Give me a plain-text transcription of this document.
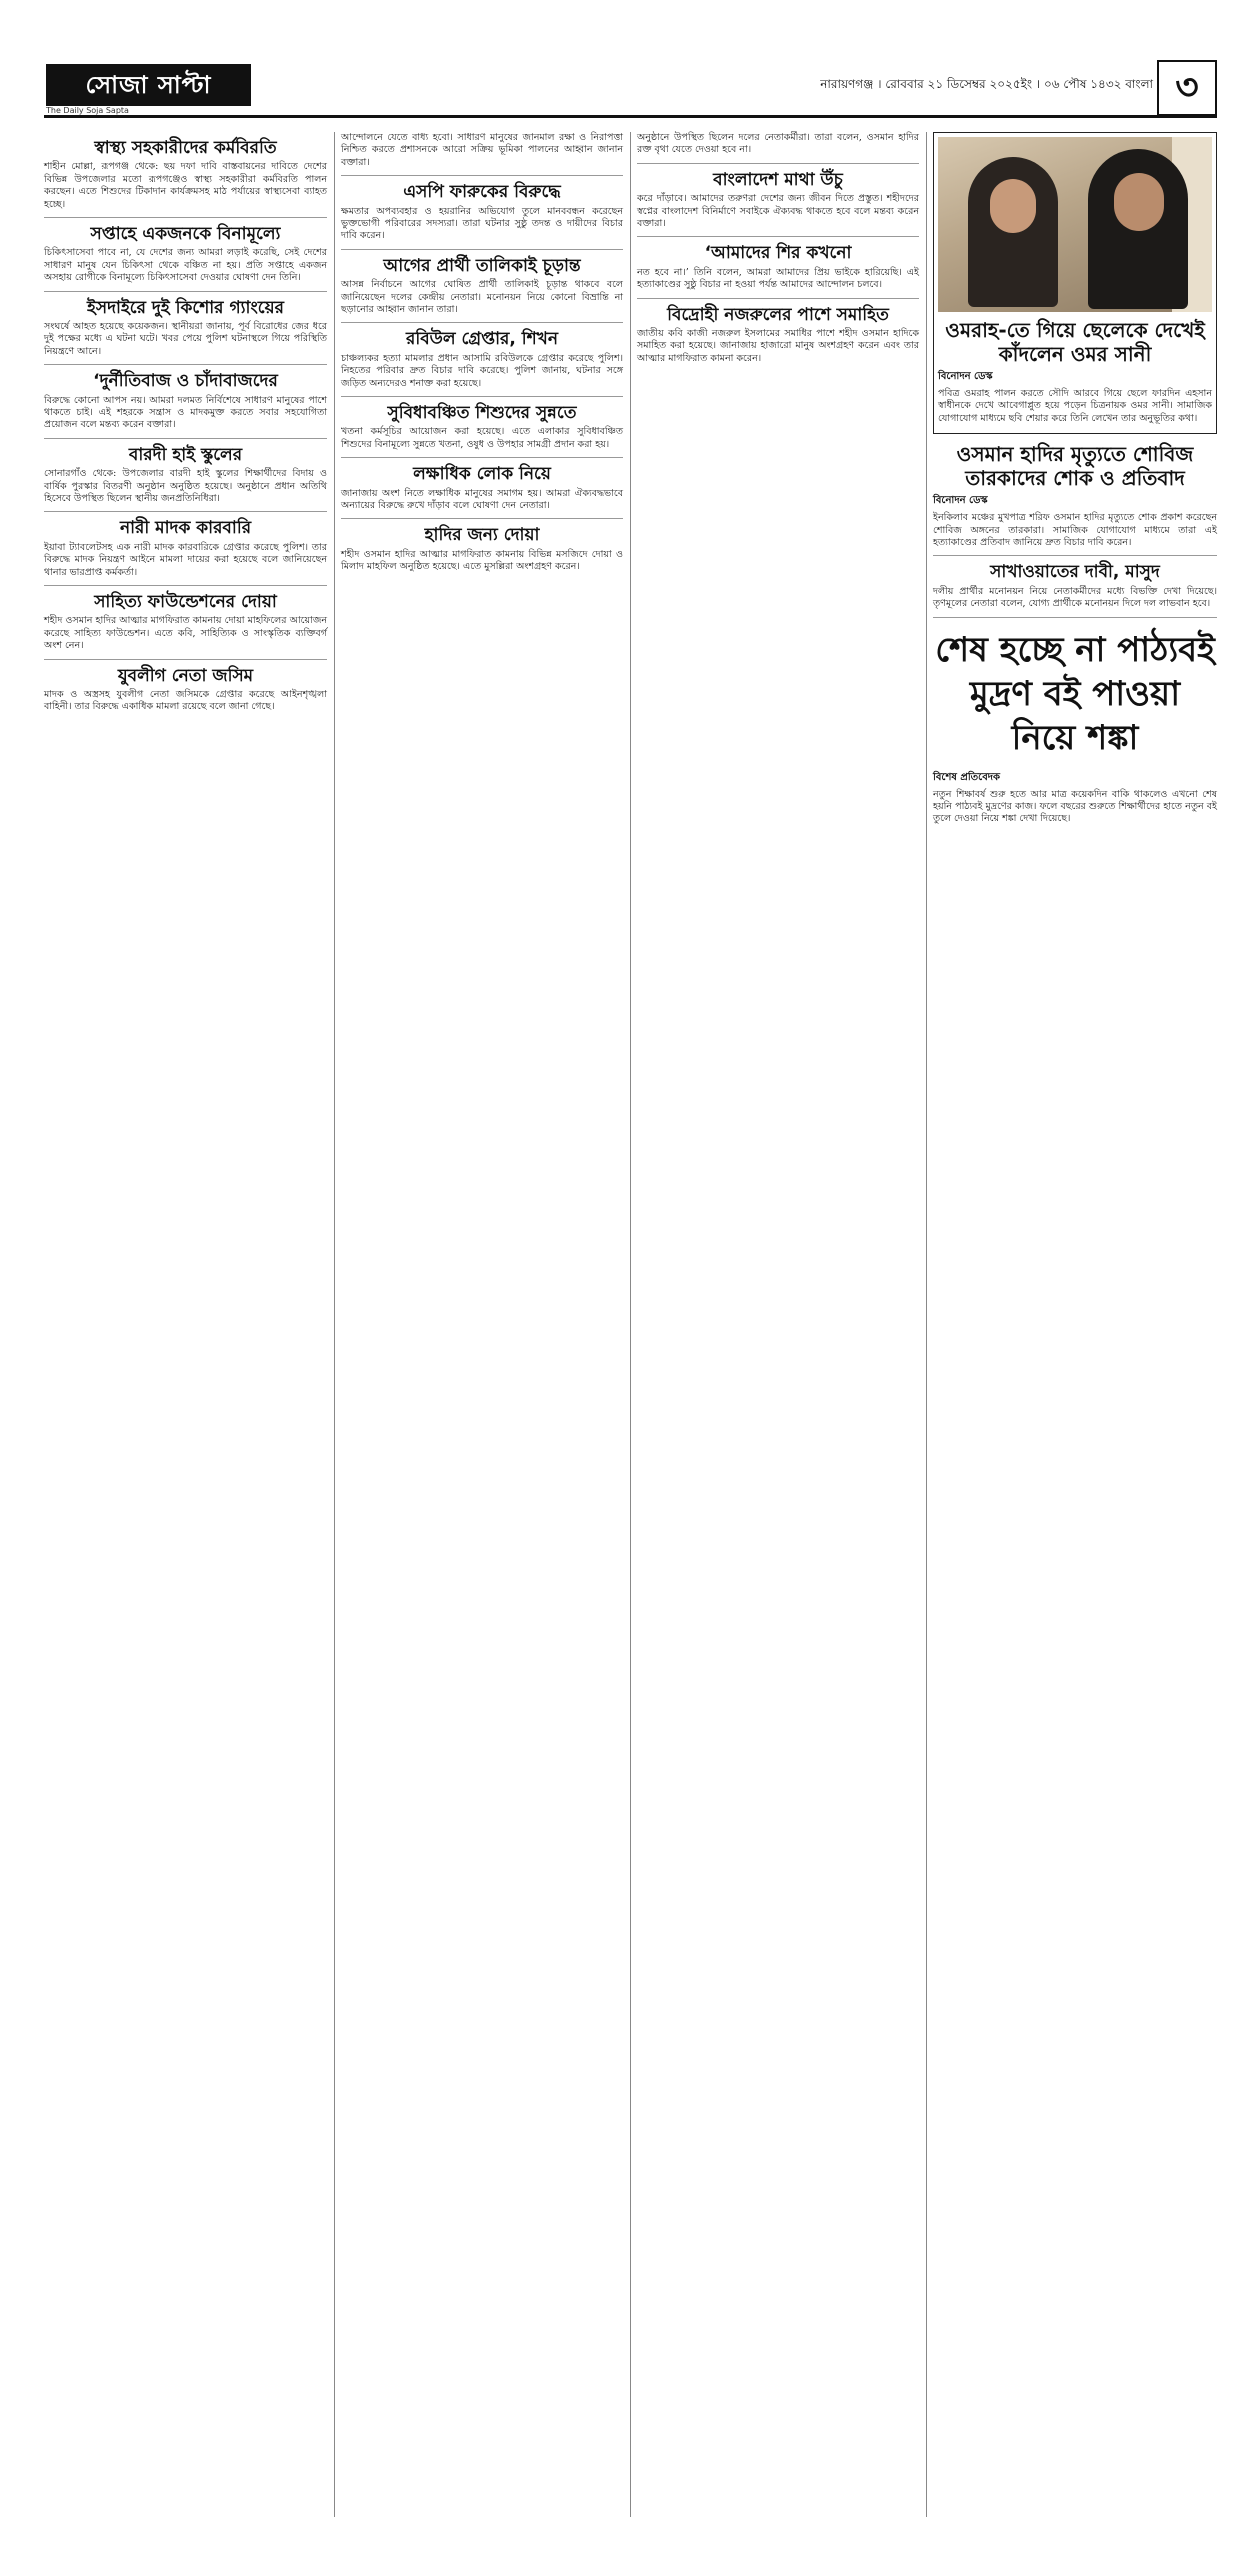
সোজা সাপ্টা
The Daily Soja Sapta
নারায়ণগঞ্জ । রোববার ২১ ডিসেম্বর ২০২৫ইং । ০৬ পৌষ ১৪৩২ বাংলা ৩
স্বাস্থ্য সহকারীদের কর্মবিরতি

শাহীন মোল্লা, রূপগঞ্জ থেকে: ছয় দফা দাবি বাস্তবায়নের দাবিতে দেশের বিভিন্ন উপজেলার মতো রূপগঞ্জেও স্বাস্থ্য সহকারীরা কর্মবিরতি পালন করছেন। এতে শিশুদের টিকাদান কার্যক্রমসহ মাঠ পর্যায়ের স্বাস্থ্যসেবা ব্যাহত হচ্ছে।

সপ্তাহে একজনকে বিনামূল্যে

চিকিৎসাসেবা পাবে না, যে দেশের জন্য আমরা লড়াই করেছি, সেই দেশের সাধারণ মানুষ যেন চিকিৎসা থেকে বঞ্চিত না হয়। প্রতি সপ্তাহে একজন অসহায় রোগীকে বিনামূল্যে চিকিৎসাসেবা দেওয়ার ঘোষণা দেন তিনি।

ইসদাইরে দুই কিশোর গ্যাংয়ের

সংঘর্ষে আহত হয়েছে কয়েকজন। স্থানীয়রা জানায়, পূর্ব বিরোধের জের ধরে দুই পক্ষের মধ্যে এ ঘটনা ঘটে। খবর পেয়ে পুলিশ ঘটনাস্থলে গিয়ে পরিস্থিতি নিয়ন্ত্রণে আনে।

‘দুর্নীতিবাজ ও চাঁদাবাজদের

বিরুদ্ধে কোনো আপস নয়। আমরা দলমত নির্বিশেষে সাধারণ মানুষের পাশে থাকতে চাই। এই শহরকে সন্ত্রাস ও মাদকমুক্ত করতে সবার সহযোগিতা প্রয়োজন বলে মন্তব্য করেন বক্তারা।

বারদী হাই স্কুলের

সোনারগাঁও থেকে: উপজেলার বারদী হাই স্কুলের শিক্ষার্থীদের বিদায় ও বার্ষিক পুরস্কার বিতরণী অনুষ্ঠান অনুষ্ঠিত হয়েছে। অনুষ্ঠানে প্রধান অতিথি হিসেবে উপস্থিত ছিলেন স্থানীয় জনপ্রতিনিধিরা।

নারী মাদক কারবারি

ইয়াবা ট্যাবলেটসহ এক নারী মাদক কারবারিকে গ্রেপ্তার করেছে পুলিশ। তার বিরুদ্ধে মাদক নিয়ন্ত্রণ আইনে মামলা দায়ের করা হয়েছে বলে জানিয়েছেন থানার ভারপ্রাপ্ত কর্মকর্তা।

সাহিত্য ফাউন্ডেশনের দোয়া

শহীদ ওসমান হাদির আত্মার মাগফিরাত কামনায় দোয়া মাহফিলের আয়োজন করেছে সাহিত্য ফাউন্ডেশন। এতে কবি, সাহিত্যিক ও সাংস্কৃতিক ব্যক্তিবর্গ অংশ নেন।

যুবলীগ নেতা জসিম

মাদক ও অস্ত্রসহ যুবলীগ নেতা জসিমকে গ্রেপ্তার করেছে আইনশৃঙ্খলা বাহিনী। তার বিরুদ্ধে একাধিক মামলা রয়েছে বলে জানা গেছে।

আন্দোলনে যেতে বাধ্য হবো। সাধারণ মানুষের জানমাল রক্ষা ও নিরাপত্তা নিশ্চিত করতে প্রশাসনকে আরো সক্রিয় ভূমিকা পালনের আহ্বান জানান বক্তারা।

এসপি ফারুকের বিরুদ্ধে

ক্ষমতার অপব্যবহার ও হয়রানির অভিযোগ তুলে মানববন্ধন করেছেন ভুক্তভোগী পরিবারের সদস্যরা। তারা ঘটনার সুষ্ঠু তদন্ত ও দায়ীদের বিচার দাবি করেন।

আগের প্রার্থী তালিকাই চূড়ান্ত

আসন্ন নির্বাচনে আগের ঘোষিত প্রার্থী তালিকাই চূড়ান্ত থাকবে বলে জানিয়েছেন দলের কেন্দ্রীয় নেতারা। মনোনয়ন নিয়ে কোনো বিভ্রান্তি না ছড়ানোর আহ্বান জানান তারা।

রবিউল গ্রেপ্তার, শিখন

চাঞ্চল্যকর হত্যা মামলার প্রধান আসামি রবিউলকে গ্রেপ্তার করেছে পুলিশ। নিহতের পরিবার দ্রুত বিচার দাবি করেছে। পুলিশ জানায়, ঘটনার সঙ্গে জড়িত অন্যদেরও শনাক্ত করা হয়েছে।

সুবিধাবঞ্চিত শিশুদের সুন্নতে

খতনা কর্মসূচির আয়োজন করা হয়েছে। এতে এলাকার সুবিধাবঞ্চিত শিশুদের বিনামূল্যে সুন্নতে খতনা, ওষুধ ও উপহার সামগ্রী প্রদান করা হয়।

লক্ষাধিক লোক নিয়ে

জানাজায় অংশ নিতে লক্ষাধিক মানুষের সমাগম হয়। আমরা ঐক্যবদ্ধভাবে অন্যায়ের বিরুদ্ধে রুখে দাঁড়াব বলে ঘোষণা দেন নেতারা।

হাদির জন্য দোয়া

শহীদ ওসমান হাদির আত্মার মাগফিরাত কামনায় বিভিন্ন মসজিদে দোয়া ও মিলাদ মাহফিল অনুষ্ঠিত হয়েছে। এতে মুসল্লিরা অংশগ্রহণ করেন।

অনুষ্ঠানে উপস্থিত ছিলেন দলের নেতাকর্মীরা। তারা বলেন, ওসমান হাদির রক্ত বৃথা যেতে দেওয়া হবে না।

বাংলাদেশ মাথা উঁচু

করে দাঁড়াবে। আমাদের তরুণরা দেশের জন্য জীবন দিতে প্রস্তুত। শহীদদের স্বপ্নের বাংলাদেশ বিনির্মাণে সবাইকে ঐক্যবদ্ধ থাকতে হবে বলে মন্তব্য করেন বক্তারা।

‘আমাদের শির কখনো

নত হবে না।’ তিনি বলেন, আমরা আমাদের প্রিয় ভাইকে হারিয়েছি। এই হত্যাকাণ্ডের সুষ্ঠু বিচার না হওয়া পর্যন্ত আমাদের আন্দোলন চলবে।

বিদ্রোহী নজরুলের পাশে সমাহিত

জাতীয় কবি কাজী নজরুল ইসলামের সমাধির পাশে শহীদ ওসমান হাদিকে সমাহিত করা হয়েছে। জানাজায় হাজারো মানুষ অংশগ্রহণ করেন এবং তার আত্মার মাগফিরাত কামনা করেন।

ওমরাহ-তে গিয়ে ছেলেকে দেখেই কাঁদলেন ওমর সানী
বিনোদন ডেস্ক

পবিত্র ওমরাহ পালন করতে সৌদি আরবে গিয়ে ছেলে ফারদিন এহসান স্বাধীনকে দেখে আবেগাপ্লুত হয়ে পড়েন চিত্রনায়ক ওমর সানী। সামাজিক যোগাযোগ মাধ্যমে ছবি শেয়ার করে তিনি লেখেন তার অনুভূতির কথা।

ওসমান হাদির মৃত্যুতে শোবিজ তারকাদের শোক ও প্রতিবাদ
বিনোদন ডেস্ক

ইনকিলাব মঞ্চের মুখপাত্র শরিফ ওসমান হাদির মৃত্যুতে শোক প্রকাশ করেছেন শোবিজ অঙ্গনের তারকারা। সামাজিক যোগাযোগ মাধ্যমে তারা এই হত্যাকাণ্ডের প্রতিবাদ জানিয়ে দ্রুত বিচার দাবি করেন।

সাখাওয়াতের দাবী, মাসুদ

দলীয় প্রার্থীর মনোনয়ন নিয়ে নেতাকর্মীদের মধ্যে বিভক্তি দেখা দিয়েছে। তৃণমূলের নেতারা বলেন, যোগ্য প্রার্থীকে মনোনয়ন দিলে দল লাভবান হবে।

শেষ হচ্ছে না পাঠ্যবই মুদ্রণ বই পাওয়া নিয়ে শঙ্কা
বিশেষ প্রতিবেদক

নতুন শিক্ষাবর্ষ শুরু হতে আর মাত্র কয়েকদিন বাকি থাকলেও এখনো শেষ হয়নি পাঠ্যবই মুদ্রণের কাজ। ফলে বছরের শুরুতে শিক্ষার্থীদের হাতে নতুন বই তুলে দেওয়া নিয়ে শঙ্কা দেখা দিয়েছে।
